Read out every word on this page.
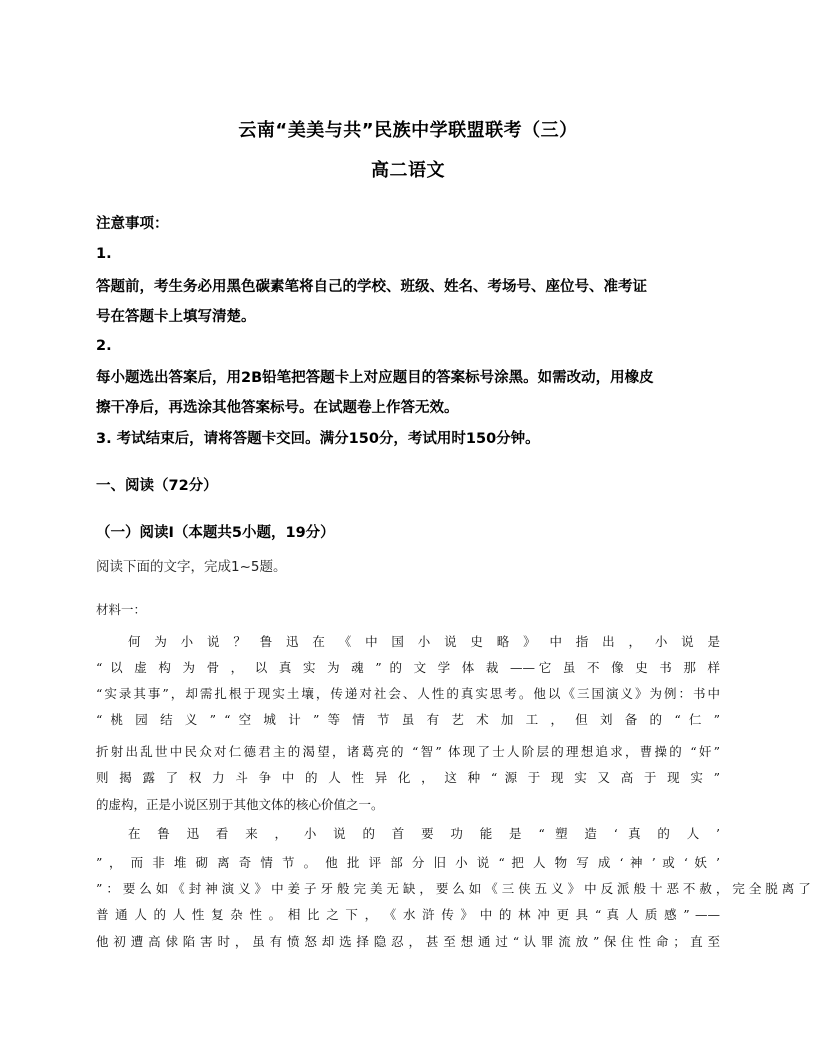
云南“美美与共”民族中学联盟联考（三）
高二语文
注意事项：
1.
答题前，考生务必用黑色碳素笔将自己的学校、班级、姓名、考场号、座位号、准考证
号在答题卡上填写清楚。
2.
每小题选出答案后，用2B铅笔把答题卡上对应题目的答案标号涂黑。如需改动，用橡皮
擦干净后，再选涂其他答案标号。在试题卷上作答无效。
3. 考试结束后，请将答题卡交回。满分150分，考试用时150分钟。
一、阅读（72分）
（一）阅读Ⅰ（本题共5小题，19分）
阅读下面的文字，完成1~5题。
材料一：
何 为 小 说 ？ 鲁 迅 在 《 中 国 小 说 史 略 》 中 指 出 ， 小 说 是
“ 以 虚 构 为 骨 ， 以 真 实 为 魂 ” 的 文 学 体 裁 ——它 虽 不 像 史 书 那 样
“实录其事”，却需扎根于现实土壤，传递对社会、人性的真实思考。他以《三国演义》为例：书中
“ 桃 园 结 义 ” “ 空 城 计 ” 等 情 节 虽 有 艺 术 加 工 ， 但 刘 备 的 “ 仁 ”
折射出乱世中民众对仁德君主的渴望，诸葛亮的 “智” 体现了士人阶层的理想追求，曹操的 “奸”
则 揭 露 了 权 力 斗 争 中 的 人 性 异 化 ， 这 种 “ 源 于 现 实 又 高 于 现 实 ”
的虚构，正是小说区别于其他文体的核心价值之一。
在 鲁 迅 看 来 ， 小 说 的 首 要 功 能 是 “ 塑 造 ‘ 真 的 人 ’
” ， 而 非 堆 砌 离 奇 情 节 。 他 批 评 部 分 旧 小 说 “ 把 人 物 写 成 ‘ 神 ’ 或 ‘ 妖 ’
” ： 要 么 如 《 封 神 演 义 》 中 姜 子 牙 般 完 美 无 缺 ， 要 么 如 《 三 侠 五 义 》 中 反 派 般 十 恶 不 赦 ， 完 全 脱 离 了
普 通 人 的 人 性 复 杂 性 。 相 比 之 下 ， 《 水 浒 传 》 中 的 林 冲 更 具 “ 真 人 质 感 ” ——
他 初 遭 高 俅 陷 害 时 ， 虽 有 愤 怒 却 选 择 隐 忍 ， 甚 至 想 通 过 “ 认 罪 流 放 ” 保 住 性 命 ； 直 至
